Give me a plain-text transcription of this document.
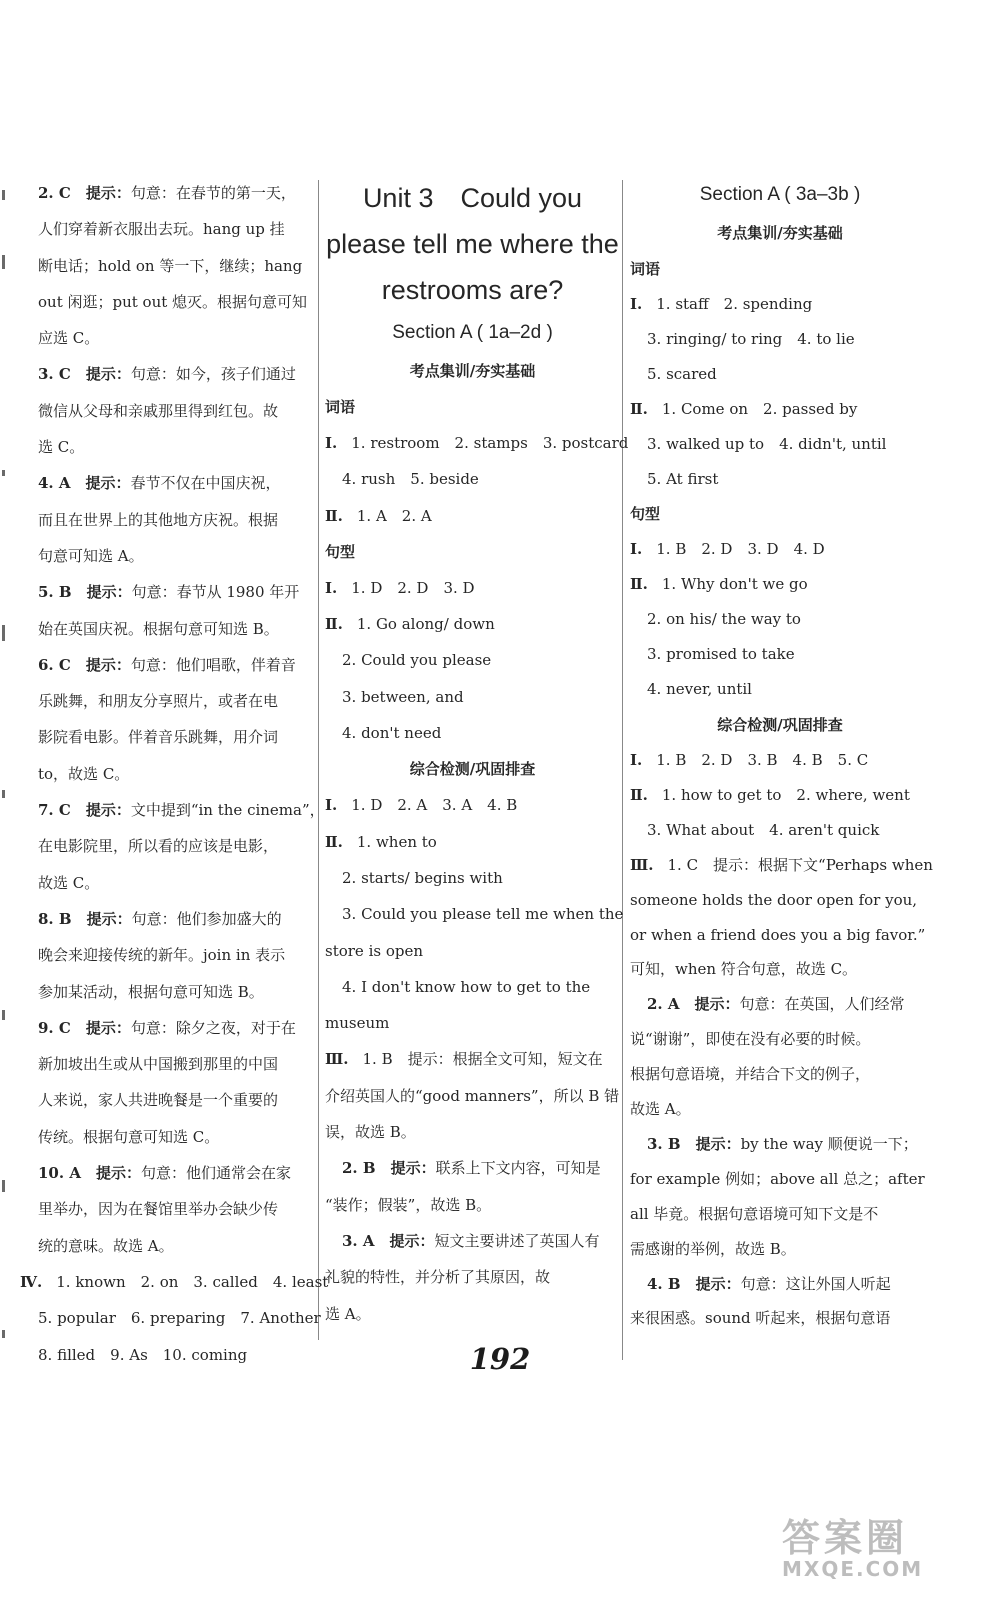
2. C　提示：句意：在春节的第一天，

人们穿着新衣服出去玩。hang up 挂

断电话；hold on 等一下，继续；hang

out 闲逛；put out 熄灭。根据句意可知

应选 C。

3. C　提示：句意：如今，孩子们通过

微信从父母和亲戚那里得到红包。故

选 C。

4. A　提示：春节不仅在中国庆祝，

而且在世界上的其他地方庆祝。根据

句意可知选 A。

5. B　提示：句意：春节从 1980 年开

始在英国庆祝。根据句意可知选 B。

6. C　提示：句意：他们唱歌，伴着音

乐跳舞，和朋友分享照片，或者在电

影院看电影。伴着音乐跳舞，用介词

to，故选 C。

7. C　提示：文中提到“in the cinema”，

在电影院里，所以看的应该是电影，

故选 C。

8. B　提示：句意：他们参加盛大的

晚会来迎接传统的新年。join in 表示

参加某活动，根据句意可知选 B。

9. C　提示：句意：除夕之夜，对于在

新加坡出生或从中国搬到那里的中国

人来说，家人共进晚餐是一个重要的

传统。根据句意可知选 C。

10. A　提示：句意：他们通常会在家

里举办，因为在餐馆里举办会缺少传

统的意味。故选 A。

Ⅳ. 1. known　2. on　3. called　4. least

5. popular　6. preparing　7. Another

8. filled　9. As　10. coming

Unit 3　Could you

please tell me where the

restrooms are?

Section A ( 1a–2d )

考点集训/夯实基础

词语

Ⅰ. 1. restroom　2. stamps　3. postcard

4. rush　5. beside

Ⅱ. 1. A　2. A

句型

Ⅰ. 1. D　2. D　3. D

Ⅱ. 1. Go along/ down

2. Could you please

3. between, and

4. don't need

综合检测/巩固排查

Ⅰ. 1. D　2. A　3. A　4. B

Ⅱ. 1. when to

2. starts/ begins with

3. Could you please tell me when the

store is open

4. I don't know how to get to the

museum

Ⅲ. 1. B　提示：根据全文可知，短文在

介绍英国人的“good manners”，所以 B 错

误，故选 B。

2. B　提示：联系上下文内容，可知是

“装作；假装”，故选 B。

3. A　提示：短文主要讲述了英国人有

礼貌的特性，并分析了其原因，故

选 A。

Section A ( 3a–3b )

考点集训/夯实基础

词语

Ⅰ. 1. staff　2. spending

3. ringing/ to ring　4. to lie

5. scared

Ⅱ. 1. Come on　2. passed by

3. walked up to　4. didn't, until

5. At first

句型

Ⅰ. 1. B　2. D　3. D　4. D

Ⅱ. 1. Why don't we go

2. on his/ the way to

3. promised to take

4. never, until

综合检测/巩固排查

Ⅰ. 1. B　2. D　3. B　4. B　5. C

Ⅱ. 1. how to get to　2. where, went

3. What about　4. aren't quick

Ⅲ. 1. C　提示：根据下文“Perhaps when

someone holds the door open for you,

or when a friend does you a big favor.”

可知，when 符合句意，故选 C。

2. A　提示：句意：在英国，人们经常

说“谢谢”，即使在没有必要的时候。

根据句意语境，并结合下文的例子，

故选 A。

3. B　提示：by the way 顺便说一下；

for example 例如；above all 总之；after

all 毕竟。根据句意语境可知下文是不

需感谢的举例，故选 B。

4. B　提示：句意：这让外国人听起

来很困惑。sound 听起来，根据句意语

192
答案圈
MXQE.COM
